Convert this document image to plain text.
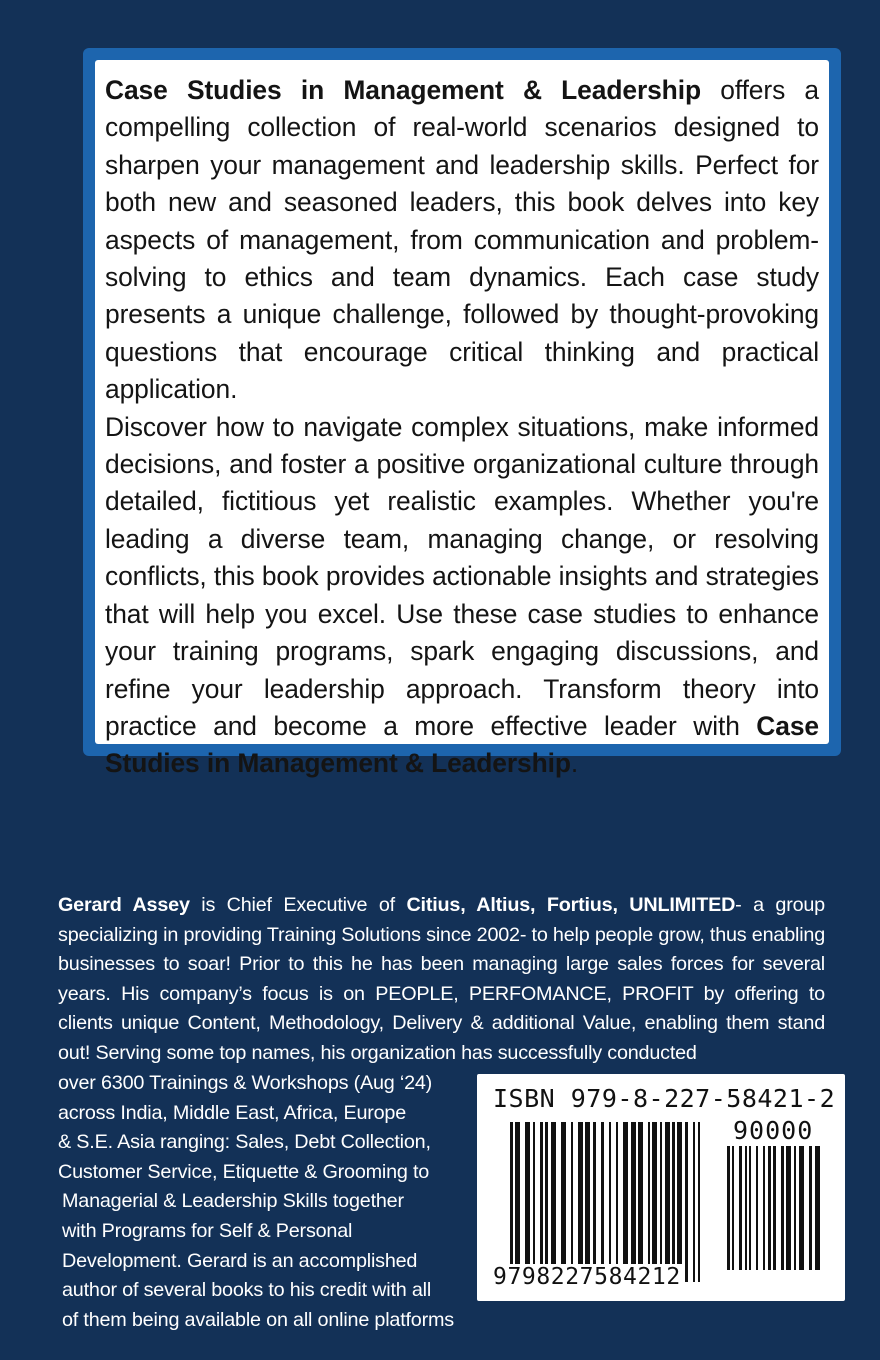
Case Studies in Management & Leadership offers a compelling collection of real-world scenarios designed to sharpen your management and leadership skills. Perfect for both new and seasoned leaders, this book delves into key aspects of management, from communication and problem-solving to ethics and team dynamics. Each case study presents a unique challenge, followed by thought-provoking questions that encourage critical thinking and practical application.

Discover how to navigate complex situations, make informed decisions, and foster a positive organizational culture through detailed, fictitious yet realistic examples. Whether you're leading a diverse team, managing change, or resolving conflicts, this book provides actionable insights and strategies that will help you excel. Use these case studies to enhance your training programs, spark engaging discussions, and refine your leadership approach. Transform theory into practice and become a more effective leader with Case Studies in Management & Leadership.

Gerard Assey is Chief Executive of Citius, Altius, Fortius, UNLIMITED- a group specializing in providing Training Solutions since 2002- to help people grow, thus enabling businesses to soar! Prior to this he has been managing large sales forces for several years. His company’s focus is on PEOPLE, PERFOMANCE, PROFIT by offering to clients unique Content, Methodology, Delivery & additional Value, enabling them stand out! Serving some top names, his organization has successfully conducted

over 6300 Trainings & Workshops (Aug ‘24)
across India, Middle East, Africa, Europe
& S.E. Asia ranging: Sales, Debt Collection,
Customer Service, Etiquette & Grooming to
Managerial & Leadership Skills together
with Programs for Self & Personal
Development. Gerard is an accomplished
author of several books to his credit with all
of them being available on all online platforms
ISBN 979-8-227-58421-2
90000
9798227584212
